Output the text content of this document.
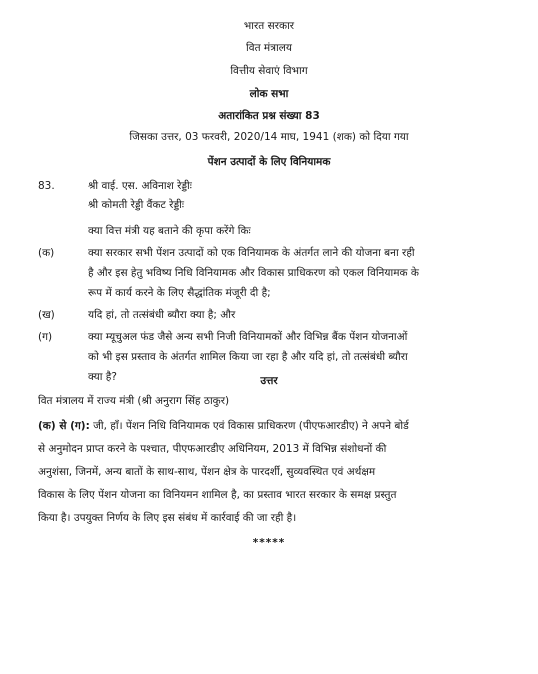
भारत सरकार
वित मंत्रालय
वित्तीय सेवाएं विभाग
लोक सभा
अतारांकित प्रश्न संख्या 83
जिसका उत्तर, 03 फरवरी, 2020/14 माघ, 1941 (शक) को दिया गया
पेंशन उत्पादों के लिए विनियामक
83.	श्री वाई. एस. अविनाश रेड्डीः
श्री कोमती रेड्डी वैंकट रेड्डीः
क्या वित्त मंत्री यह बताने की कृपा करेंगे किः
(क)	क्या सरकार सभी पेंशन उत्पादों को एक विनियामक के अंतर्गत लाने की योजना बना रही
है और इस हेतु भविष्य निधि विनियामक और विकास प्राधिकरण को एकल विनियामक के
रूप में कार्य करने के लिए सैद्धांतिक मंजूरी दी है;
(ख)	यदि हां, तो तत्संबंधी ब्यौरा क्या है; और
(ग)	क्या म्यूचुअल फंड जैसे अन्य सभी निजी विनियामकों और विभिन्न बैंक पेंशन योजनाओं
को भी इस प्रस्ताव के अंतर्गत शामिल किया जा रहा है और यदि हां, तो तत्संबंधी ब्यौरा
क्या है?	उत्तर
वित मंत्रालय में राज्य मंत्री (श्री अनुराग सिंह ठाकुर)
(क) से (ग): जी, हाँ। पेंशन निधि विनियामक एवं विकास प्राधिकरण (पीएफआरडीए) ने अपने बोर्ड
से अनुमोदन प्राप्त करने के पश्चात, पीएफआरडीए अधिनियम, 2013 में विभिन्न संशोधनों की
अनुशंसा, जिनमें, अन्य बातों के साथ-साथ, पेंशन क्षेत्र के पारदर्शी, सुव्यवस्थित एवं अर्थक्षम
विकास के लिए पेंशन योजना का विनियमन शामिल है, का प्रस्ताव भारत सरकार के समक्ष प्रस्तुत
किया है। उपयुक्त निर्णय के लिए इस संबंध में कार्रवाई की जा रही है।
*****
